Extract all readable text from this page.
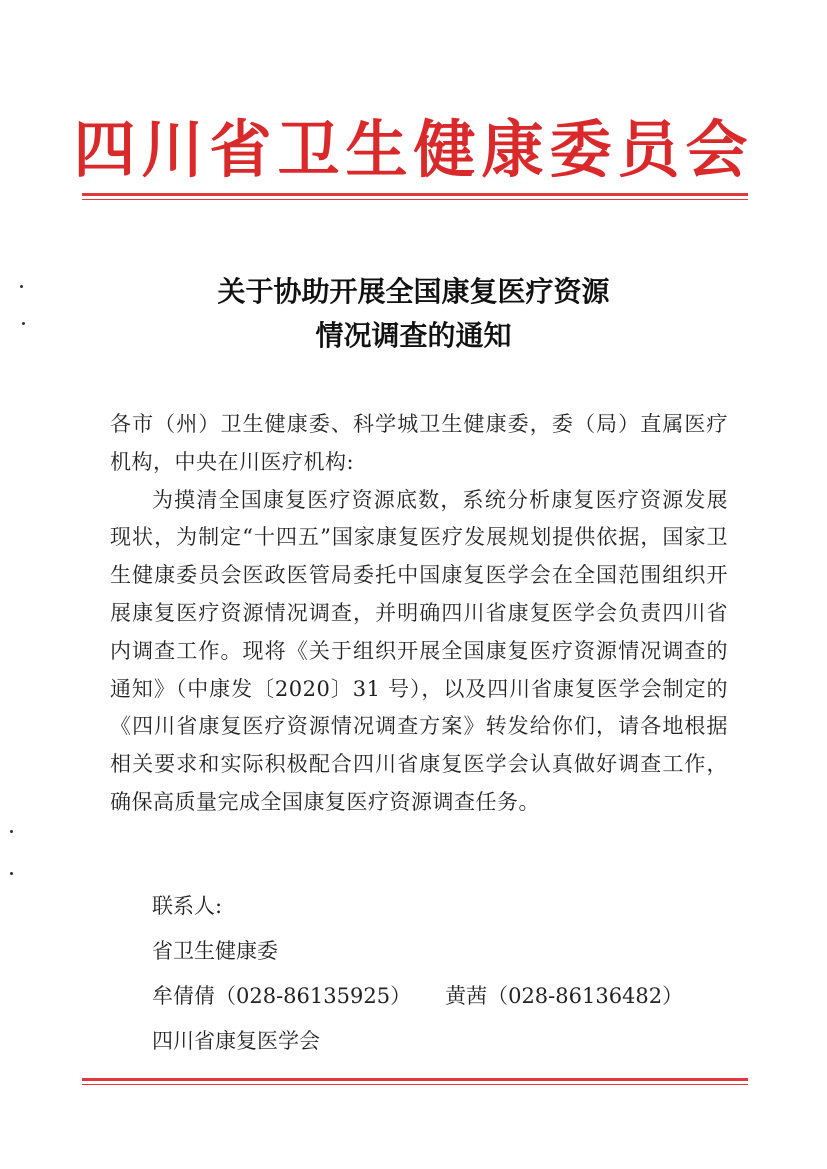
四川省卫生健康委员会
关于协助开展全国康复医疗资源
情况调查的通知

各市（州）卫生健康委、科学城卫生健康委，委（局）直属医疗机构，中央在川医疗机构:

为摸清全国康复医疗资源底数，系统分析康复医疗资源发展现状，为制定“十四五”国家康复医疗发展规划提供依据，国家卫生健康委员会医政医管局委托中国康复医学会在全国范围组织开展康复医疗资源情况调查，并明确四川省康复医学会负责四川省内调查工作。现将《关于组织开展全国康复医疗资源情况调查的通知》（中康发〔2020〕31 号），以及四川省康复医学会制定的《四川省康复医疗资源情况调查方案》转发给你们，请各地根据相关要求和实际积极配合四川省康复医学会认真做好调查工作，确保高质量完成全国康复医疗资源调查任务。

联系人:
省卫生健康委
牟倩倩（028-86135925） 黄茜（028-86136482）
四川省康复医学会
